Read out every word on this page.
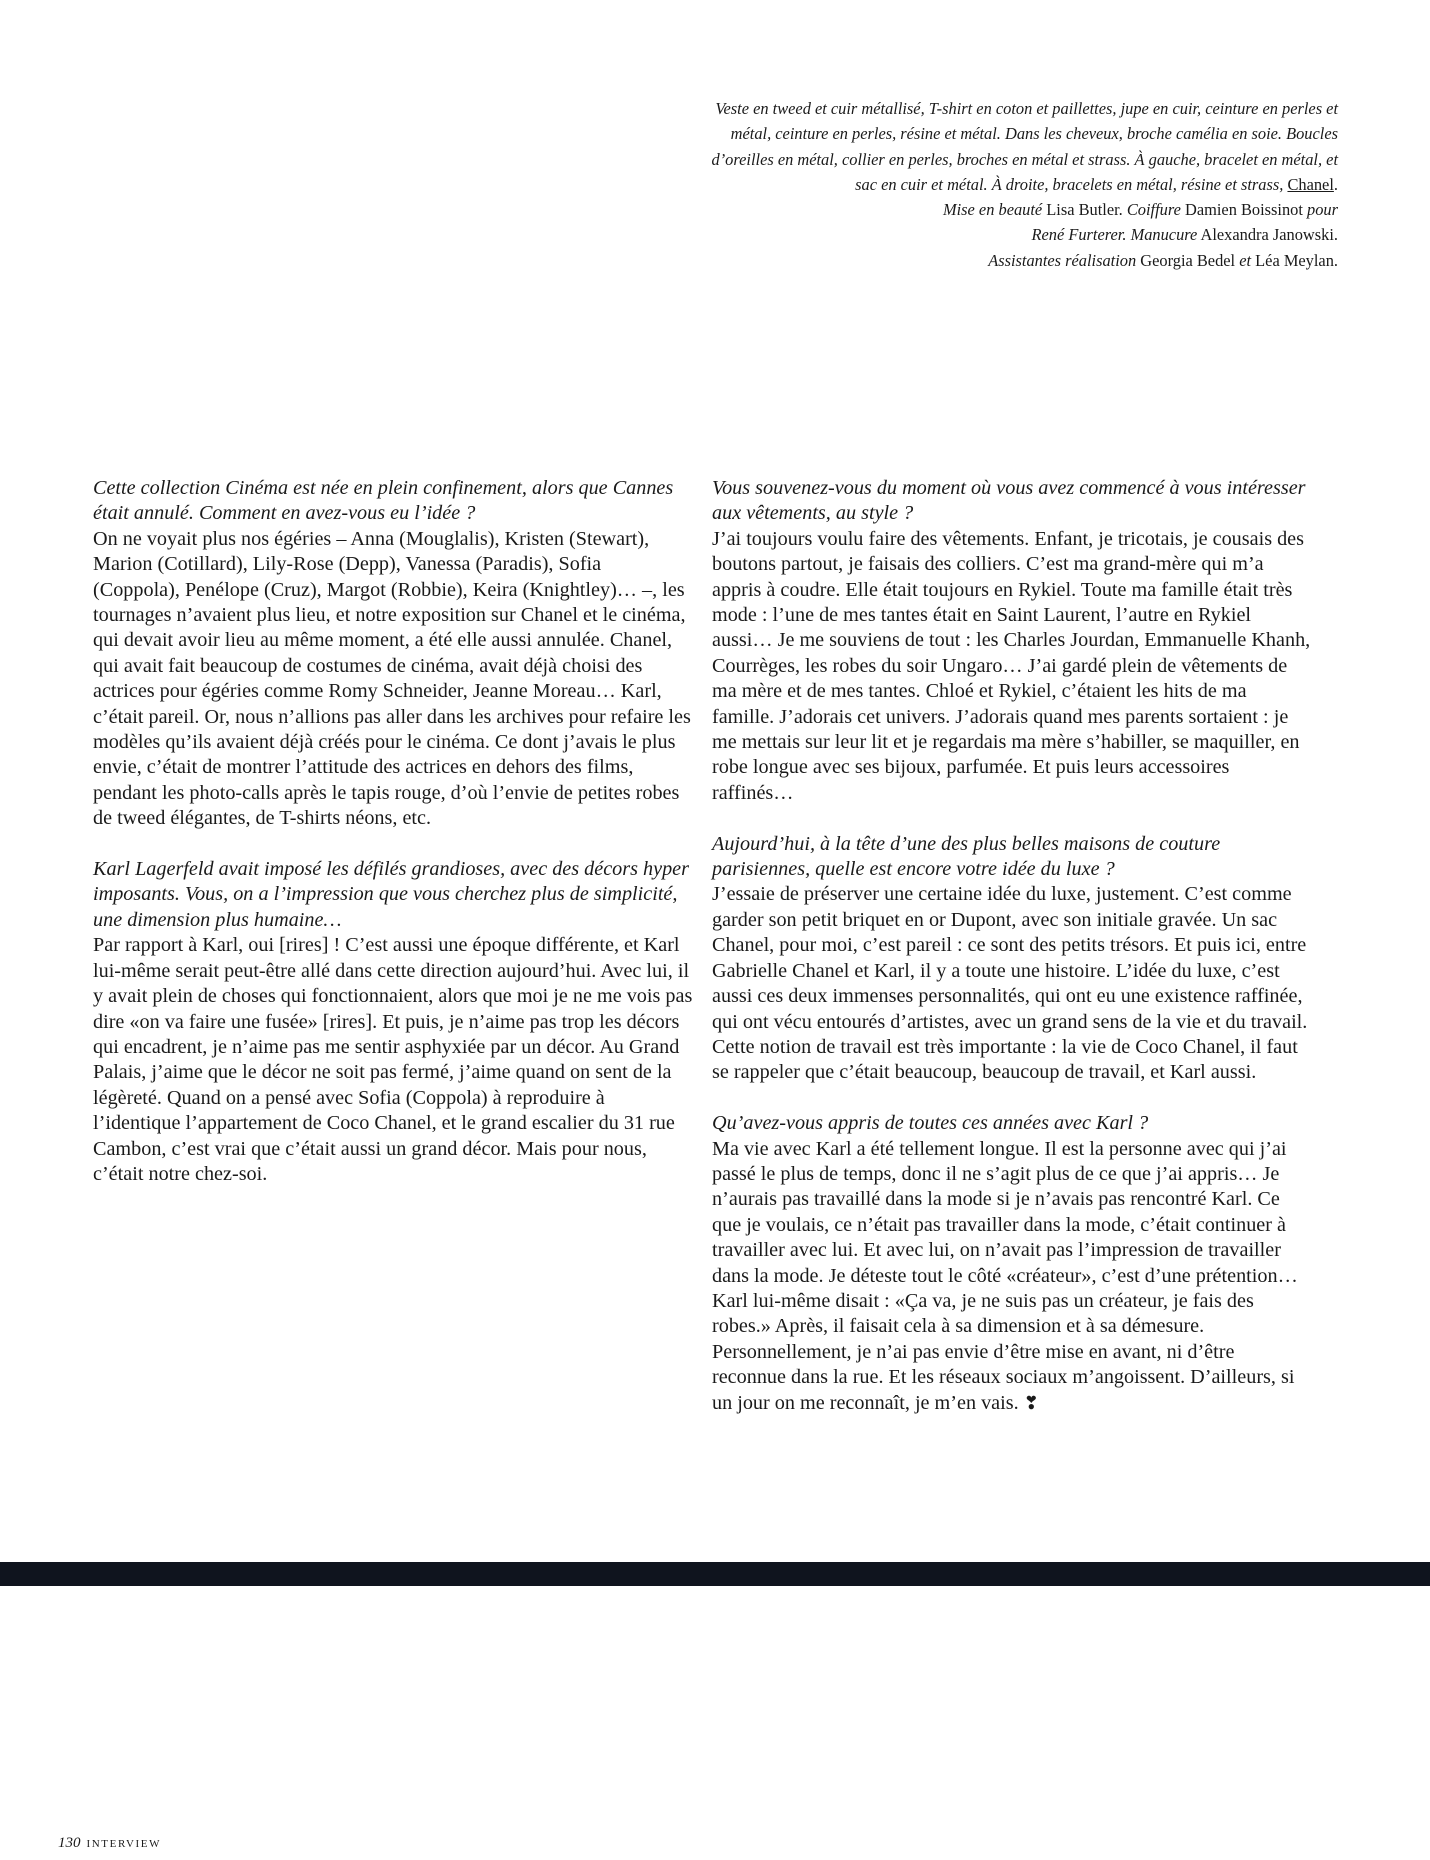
Veste en tweed et cuir métallisé, T-shirt en coton et paillettes, jupe en cuir, ceinture en perles et métal, ceinture en perles, résine et métal. Dans les cheveux, broche camélia en soie. Boucles d’oreilles en métal, collier en perles, broches en métal et strass. À gauche, bracelet en métal, et sac en cuir et métal. À droite, bracelets en métal, résine et strass, Chanel.
Mise en beauté Lisa Butler. Coiffure Damien Boissinot pour
René Furterer. Manucure Alexandra Janowski.
Assistantes réalisation Georgia Bedel et Léa Meylan.
Cette collection Cinéma est née en plein confinement, alors que Cannes était annulé. Comment en avez-vous eu l’idée ?
On ne voyait plus nos égéries – Anna (Mouglalis), Kristen (Stewart), Marion (Cotillard), Lily-Rose (Depp), Vanessa (Paradis), Sofia (Coppola), Penélope (Cruz), Margot (Robbie), Keira (Knightley)… –, les tournages n’avaient plus lieu, et notre exposition sur Chanel et le cinéma, qui devait avoir lieu au même moment, a été elle aussi annulée. Chanel, qui avait fait beaucoup de costumes de cinéma, avait déjà choisi des actrices pour égéries comme Romy Schneider, Jeanne Moreau… Karl, c’était pareil. Or, nous n’allions pas aller dans les archives pour refaire les modèles qu’ils avaient déjà créés pour le cinéma. Ce dont j’avais le plus envie, c’était de montrer l’attitude des actrices en dehors des films, pendant les photo-calls après le tapis rouge, d’où l’envie de petites robes de tweed élégantes, de T-shirts néons, etc.
Karl Lagerfeld avait imposé les défilés grandioses, avec des décors hyper imposants. Vous, on a l’impression que vous cherchez plus de simplicité, une dimension plus humaine…
Par rapport à Karl, oui [rires] ! C’est aussi une époque différente, et Karl lui-même serait peut-être allé dans cette direction aujourd’hui. Avec lui, il y avait plein de choses qui fonctionnaient, alors que moi je ne me vois pas dire «on va faire une fusée» [rires]. Et puis, je n’aime pas trop les décors qui encadrent, je n’aime pas me sentir asphyxiée par un décor. Au Grand Palais, j’aime que le décor ne soit pas fermé, j’aime quand on sent de la légèreté. Quand on a pensé avec Sofia (Coppola) à reproduire à l’identique l’appartement de Coco Chanel, et le grand escalier du 31 rue Cambon, c’est vrai que c’était aussi un grand décor. Mais pour nous, c’était notre chez-soi.
Vous souvenez-vous du moment où vous avez commencé à vous intéresser aux vêtements, au style ?
J’ai toujours voulu faire des vêtements. Enfant, je tricotais, je cousais des boutons partout, je faisais des colliers. C’est ma grand-mère qui m’a appris à coudre. Elle était toujours en Rykiel. Toute ma famille était très mode : l’une de mes tantes était en Saint Laurent, l’autre en Rykiel aussi… Je me souviens de tout : les Charles Jourdan, Emmanuelle Khanh, Courrèges, les robes du soir Ungaro… J’ai gardé plein de vêtements de ma mère et de mes tantes. Chloé et Rykiel, c’étaient les hits de ma famille. J’adorais cet univers. J’adorais quand mes parents sortaient : je me mettais sur leur lit et je regardais ma mère s’habiller, se maquiller, en robe longue avec ses bijoux, parfumée. Et puis leurs accessoires raffinés…
Aujourd’hui, à la tête d’une des plus belles maisons de couture parisiennes, quelle est encore votre idée du luxe ?
J’essaie de préserver une certaine idée du luxe, justement. C’est comme garder son petit briquet en or Dupont, avec son initiale gravée. Un sac Chanel, pour moi, c’est pareil : ce sont des petits trésors. Et puis ici, entre Gabrielle Chanel et Karl, il y a toute une histoire. L’idée du luxe, c’est aussi ces deux immenses personnalités, qui ont eu une existence raffinée, qui ont vécu entourés d’artistes, avec un grand sens de la vie et du travail. Cette notion de travail est très importante : la vie de Coco Chanel, il faut se rappeler que c’était beaucoup, beaucoup de travail, et Karl aussi.
Qu’avez-vous appris de toutes ces années avec Karl ?
Ma vie avec Karl a été tellement longue. Il est la personne avec qui j’ai passé le plus de temps, donc il ne s’agit plus de ce que j’ai appris… Je n’aurais pas travaillé dans la mode si je n’avais pas rencontré Karl. Ce que je voulais, ce n’était pas travailler dans la mode, c’était continuer à travailler avec lui. Et avec lui, on n’avait pas l’impression de travailler dans la mode. Je déteste tout le côté «créateur», c’est d’une prétention… Karl lui-même disait : «Ça va, je ne suis pas un créateur, je fais des robes.» Après, il faisait cela à sa dimension et à sa démesure. Personnellement, je n’ai pas envie d’être mise en avant, ni d’être reconnue dans la rue. Et les réseaux sociaux m’angoissent. D’ailleurs, si un jour on me reconnaît, je m’en vais. ❣
130 INTERVIEW
